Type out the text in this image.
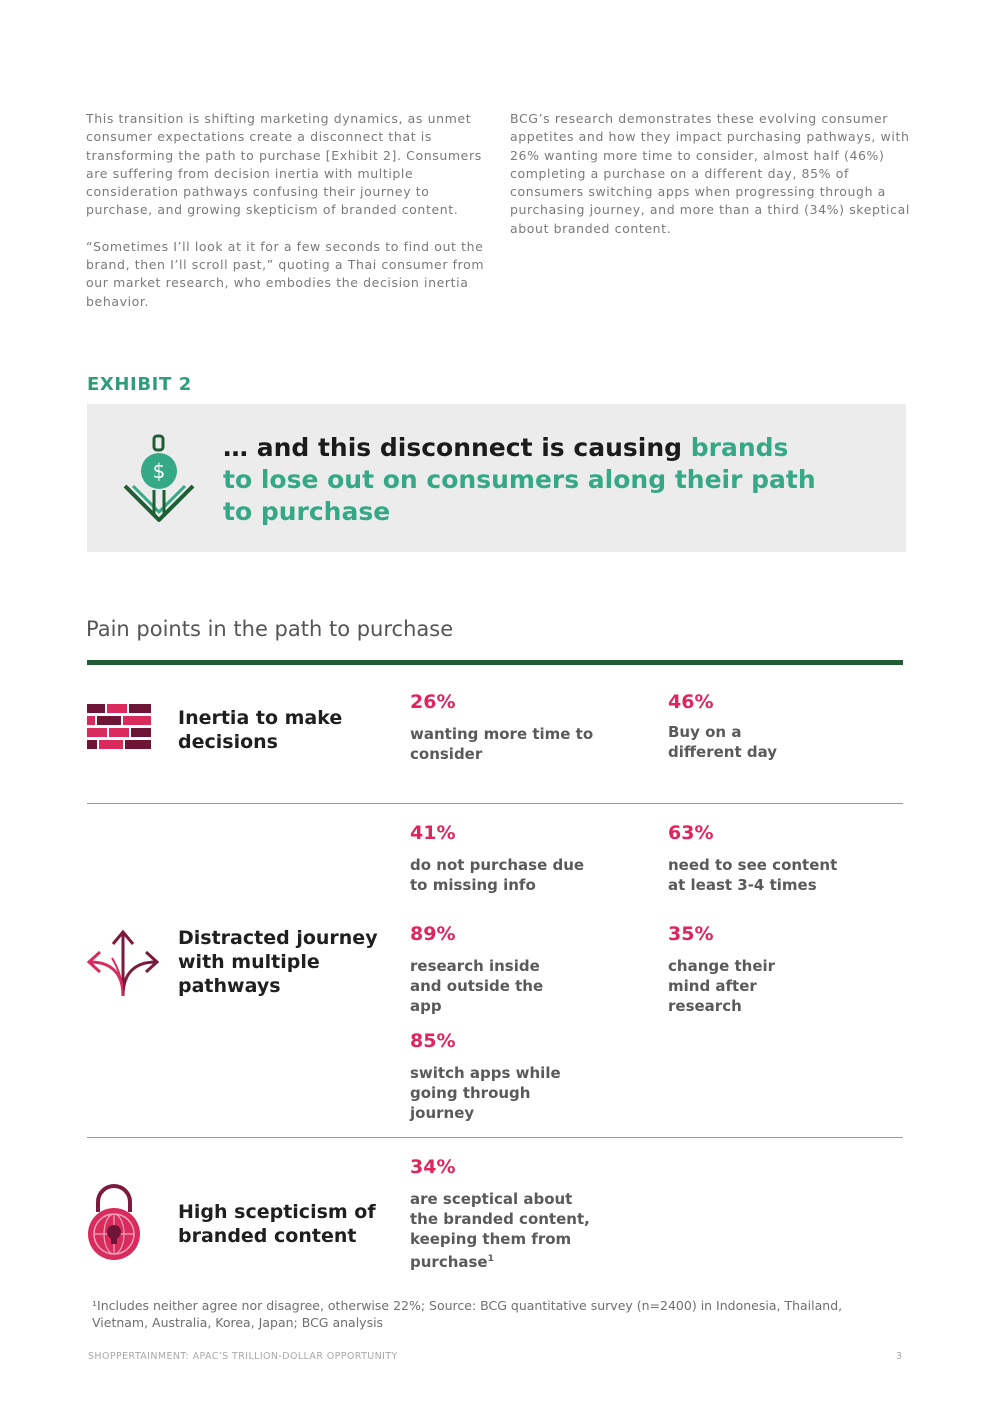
This transition is shifting marketing dynamics, as unmet consumer expectations create a disconnect that is transforming the path to purchase [Exhibit 2]. Consumers are suffering from decision inertia with multiple consideration pathways confusing their journey to purchase, and growing skepticism of branded content.

“Sometimes I’ll look at it for a few seconds to find out the brand, then I’ll scroll past,” quoting a Thai consumer from our market research, who embodies the decision inertia behavior.

BCG’s research demonstrates these evolving consumer appetites and how they impact purchasing pathways, with 26% wanting more time to consider, almost half (46%) completing a purchase on a different day, 85% of consumers switching apps when progressing through a purchasing journey, and more than a third (34%) skeptical about branded content.

EXHIBIT 2
$
… and this disconnect is causing brands to lose out on consumers along their path to purchase
Pain points in the path to purchase
Inertia to make decisions
26%
wanting more time to consider
46%
Buy on a different day
Distracted journey with multiple pathways
41%
do not purchase due to missing info
63%
need to see content at least 3-4 times
89%
research inside and outside the app
35%
change their mind after research
85%
switch apps while going through journey
High scepticism of branded content
34%
are sceptical about the branded content, keeping them from purchase$^1$
¹Includes neither agree nor disagree, otherwise 22%; Source: BCG quantitative survey (n=2400) in Indonesia, Thailand, Vietnam, Australia, Korea, Japan; BCG analysis
SHOPPERTAINMENT: APAC’S TRILLION-DOLLAR OPPORTUNITY	3
